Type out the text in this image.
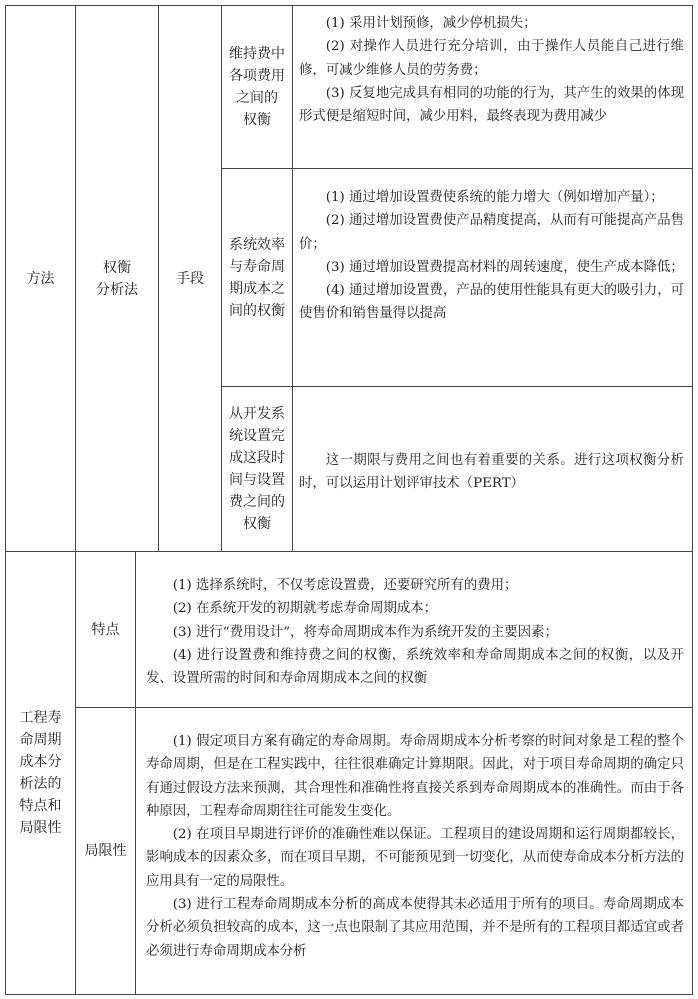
方法
权衡
分析法
手段
维持费中
各项费用
之间的
权衡

(1) 采用计划预修，减少停机损失；

(2) 对操作人员进行充分培训，由于操作人员能自己进行维修，可减少维修人员的劳务费；

(3) 反复地完成具有相同的功能的行为，其产生的效果的体现形式便是缩短时间，减少用料，最终表现为费用减少

系统效率
与寿命周
期成本之
间的权衡

(1) 通过增加设置费使系统的能力增大（例如增加产量）；

(2) 通过增加设置费使产品精度提高，从而有可能提高产品售价；

(3) 通过增加设置费提高材料的周转速度，使生产成本降低；

(4) 通过增加设置费，产品的使用性能具有更大的吸引力，可使售价和销售量得以提高

从开发系
统设置完
成这段时
间与设置
费之间的
权衡

这一期限与费用之间也有着重要的关系。进行这项权衡分析时，可以运用计划评审技术（PERT）

工程寿
命周期
成本分
析法的
特点和
局限性
特点

(1) 选择系统时，不仅考虑设置费，还要研究所有的费用；

(2) 在系统开发的初期就考虑寿命周期成本；

(3) 进行“费用设计”，将寿命周期成本作为系统开发的主要因素；

(4) 进行设置费和维持费之间的权衡，系统效率和寿命周期成本之间的权衡，以及开发、设置所需的时间和寿命周期成本之间的权衡

局限性

(1) 假定项目方案有确定的寿命周期。寿命周期成本分析考察的时间对象是工程的整个寿命周期，但是在工程实践中，往往很难确定计算期限。因此，对于项目寿命周期的确定只有通过假设方法来预测，其合理性和准确性将直接关系到寿命周期成本的准确性。而由于各种原因，工程寿命周期往往可能发生变化。

(2) 在项目早期进行评价的准确性难以保证。工程项目的建设周期和运行周期都较长，影响成本的因素众多，而在项目早期，不可能预见到一切变化，从而使寿命成本分析方法的应用具有一定的局限性。

(3) 进行工程寿命周期成本分析的高成本使得其未必适用于所有的项目。寿命周期成本分析必须负担较高的成本，这一点也限制了其应用范围，并不是所有的工程项目都适宜或者必须进行寿命周期成本分析
